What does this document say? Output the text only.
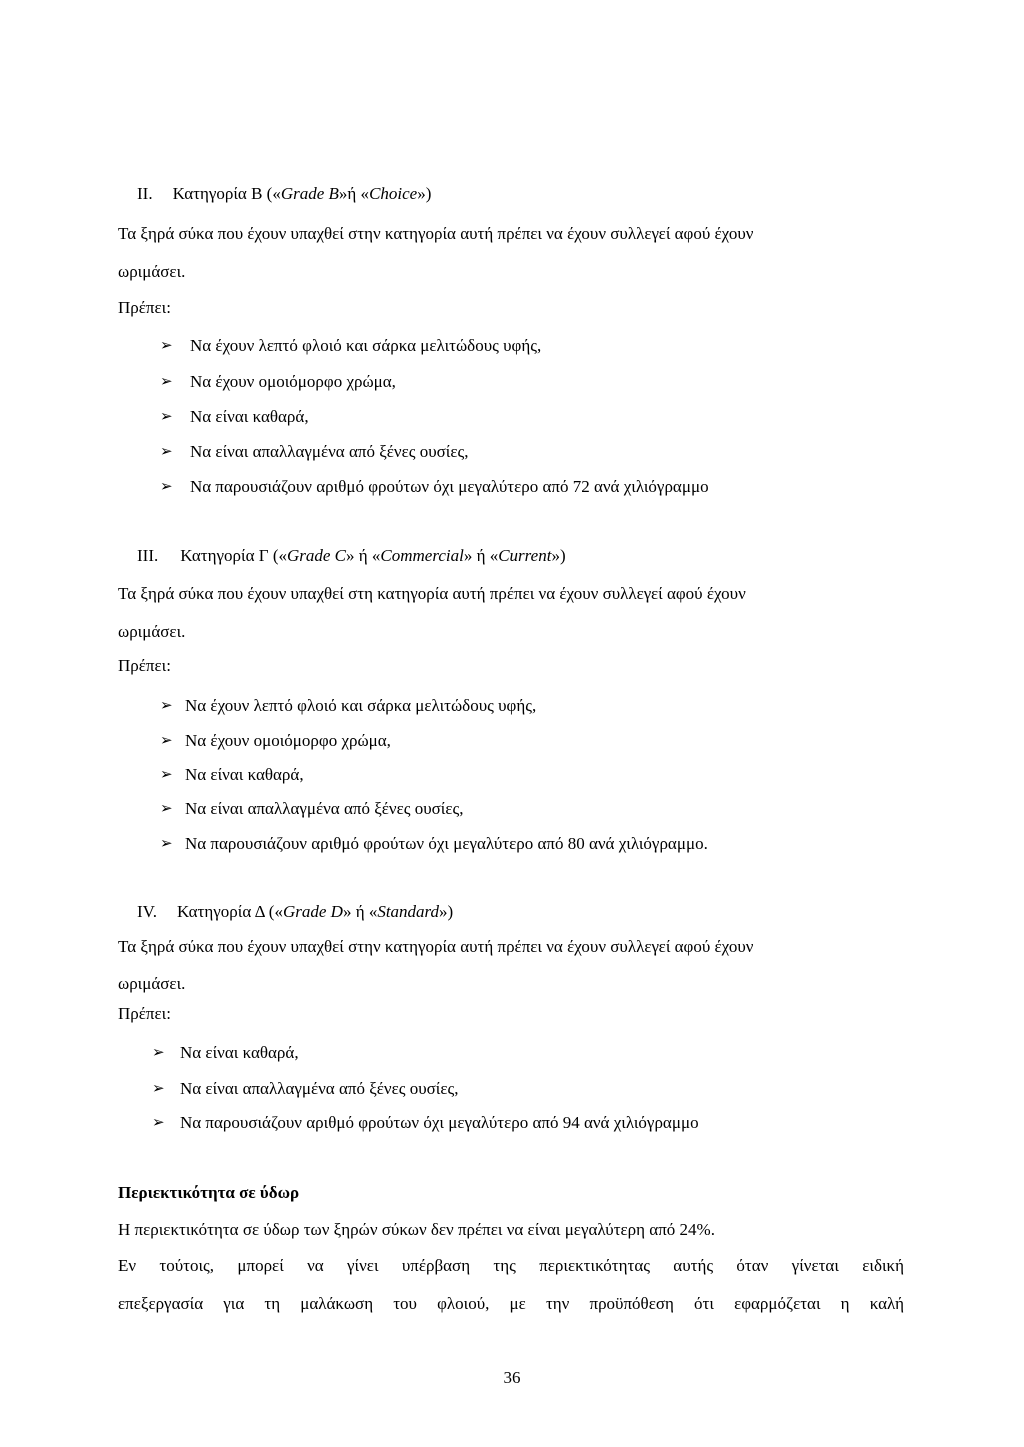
II. Κατηγορία Β («Grade B»ή «Choice»)
Τα ξηρά σύκα που έχουν υπαχθεί στην κατηγορία αυτή πρέπει να έχουν συλλεγεί αφού έχουν
ωριμάσει.
Πρέπει:
➢ Να έχουν λεπτό φλοιό και σάρκα μελιτώδους υφής,
➢ Να έχουν ομοιόμορφο χρώμα,
➢ Να είναι καθαρά,
➢ Να είναι απαλλαγμένα από ξένες ουσίες,
➢ Να παρουσιάζουν αριθμό φρούτων όχι μεγαλύτερο από 72 ανά χιλιόγραμμο
III. Κατηγορία Γ («Grade C» ή «Commercial» ή «Current»)
Τα ξηρά σύκα που έχουν υπαχθεί στη κατηγορία αυτή πρέπει να έχουν συλλεγεί αφού έχουν
ωριμάσει.
Πρέπει:
➢ Να έχουν λεπτό φλοιό και σάρκα μελιτώδους υφής,
➢ Να έχουν ομοιόμορφο χρώμα,
➢ Να είναι καθαρά,
➢ Να είναι απαλλαγμένα από ξένες ουσίες,
➢ Να παρουσιάζουν αριθμό φρούτων όχι μεγαλύτερο από 80 ανά χιλιόγραμμο.
IV. Κατηγορία Δ («Grade D» ή «Standard»)
Τα ξηρά σύκα που έχουν υπαχθεί στην κατηγορία αυτή πρέπει να έχουν συλλεγεί αφού έχουν
ωριμάσει.
Πρέπει:
➢ Να είναι καθαρά,
➢ Να είναι απαλλαγμένα από ξένες ουσίες,
➢ Να παρουσιάζουν αριθμό φρούτων όχι μεγαλύτερο από 94 ανά χιλιόγραμμο
Περιεκτικότητα σε ύδωρ
Η περιεκτικότητα σε ύδωρ των ξηρών σύκων δεν πρέπει να είναι μεγαλύτερη από 24%.
Εν τούτοις, μπορεί να γίνει υπέρβαση της περιεκτικότητας αυτής όταν γίνεται ειδική
επεξεργασία για τη μαλάκωση του φλοιού, με την προϋπόθεση ότι εφαρμόζεται η καλή
36
